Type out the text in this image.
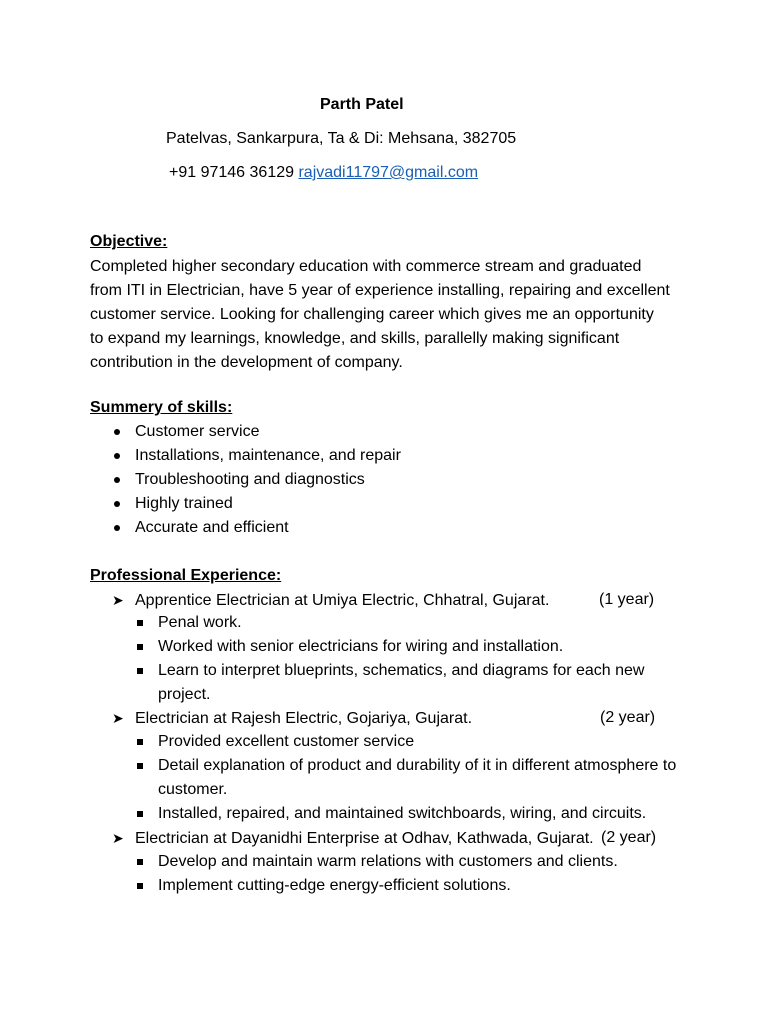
Parth Patel
Patelvas, Sankarpura, Ta & Di: Mehsana, 382705
+91 97146 36129 rajvadi11797@gmail.com
Objective:
Completed higher secondary education with commerce stream and graduated
from ITI in Electrician, have 5 year of experience installing, repairing and excellent
customer service. Looking for challenging career which gives me an opportunity
to expand my learnings, knowledge, and skills, parallelly making significant
contribution in the development of company.
Summery of skills:
Customer service
Installations, maintenance, and repair
Troubleshooting and diagnostics
Highly trained
Accurate and efficient
Professional Experience:
➤ Apprentice Electrician at Umiya Electric, Chhatral, Gujarat.	(1 year)
Penal work.
Worked with senior electricians for wiring and installation.
Learn to interpret blueprints, schematics, and diagrams for each new project.
➤ Electrician at Rajesh Electric, Gojariya, Gujarat.	(2 year)
Provided excellent customer service
Detail explanation of product and durability of it in different atmosphere to customer.
Installed, repaired, and maintained switchboards, wiring, and circuits.
➤ Electrician at Dayanidhi Enterprise at Odhav, Kathwada, Gujarat. (2 year)
Develop and maintain warm relations with customers and clients.
Implement cutting-edge energy-efficient solutions.
